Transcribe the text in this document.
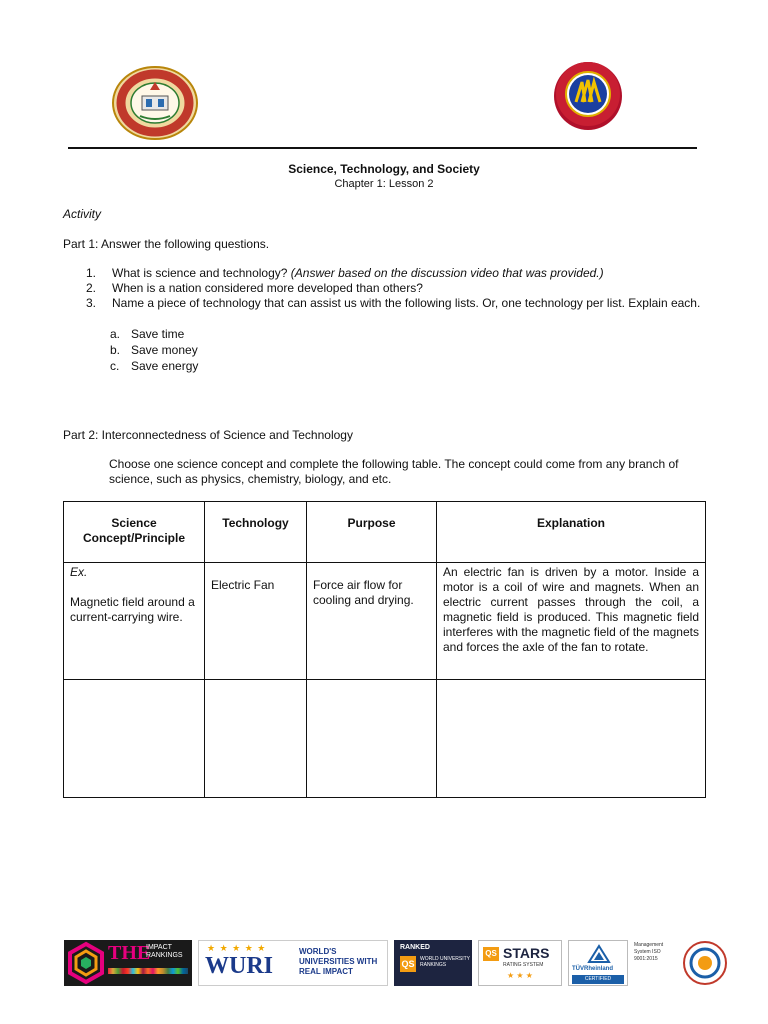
Science, Technology, and Society
Chapter 1: Lesson 2
Activity
Part 1: Answer the following questions.
1. What is science and technology? (Answer based on the discussion video that was provided.)
2. When is a nation considered more developed than others?
3. Name a piece of technology that can assist us with the following lists. Or, one technology per list. Explain each.
a. Save time
b. Save money
c. Save energy
Part 2: Interconnectedness of Science and Technology
Choose one science concept and complete the following table. The concept could come from any branch of science, such as physics, chemistry, biology, and etc.
Science Concept/Principle	Technology	Purpose	Explanation

Ex.
Magnetic field around a current-carrying wire.	Electric Fan	Force air flow for cooling and drying.	An electric fan is driven by a motor. Inside a motor is a coil of wire and magnets. When an electric current passes through the coil, a magnetic field is produced. This magnetic field interferes with the magnetic field of the magnets and forces the axle of the fan to rotate.

THE
IMPACT RANKINGS
★ ★ ★ ★ ★
WURI
WORLD'S UNIVERSITIES WITH REAL IMPACT
RANKED
QS	WORLD UNIVERSITY RANKINGS
QS STARS
RATING SYSTEM
★ ★ ★
TÜVRheinland
CERTIFIED
Management System ISO 9001:2015
